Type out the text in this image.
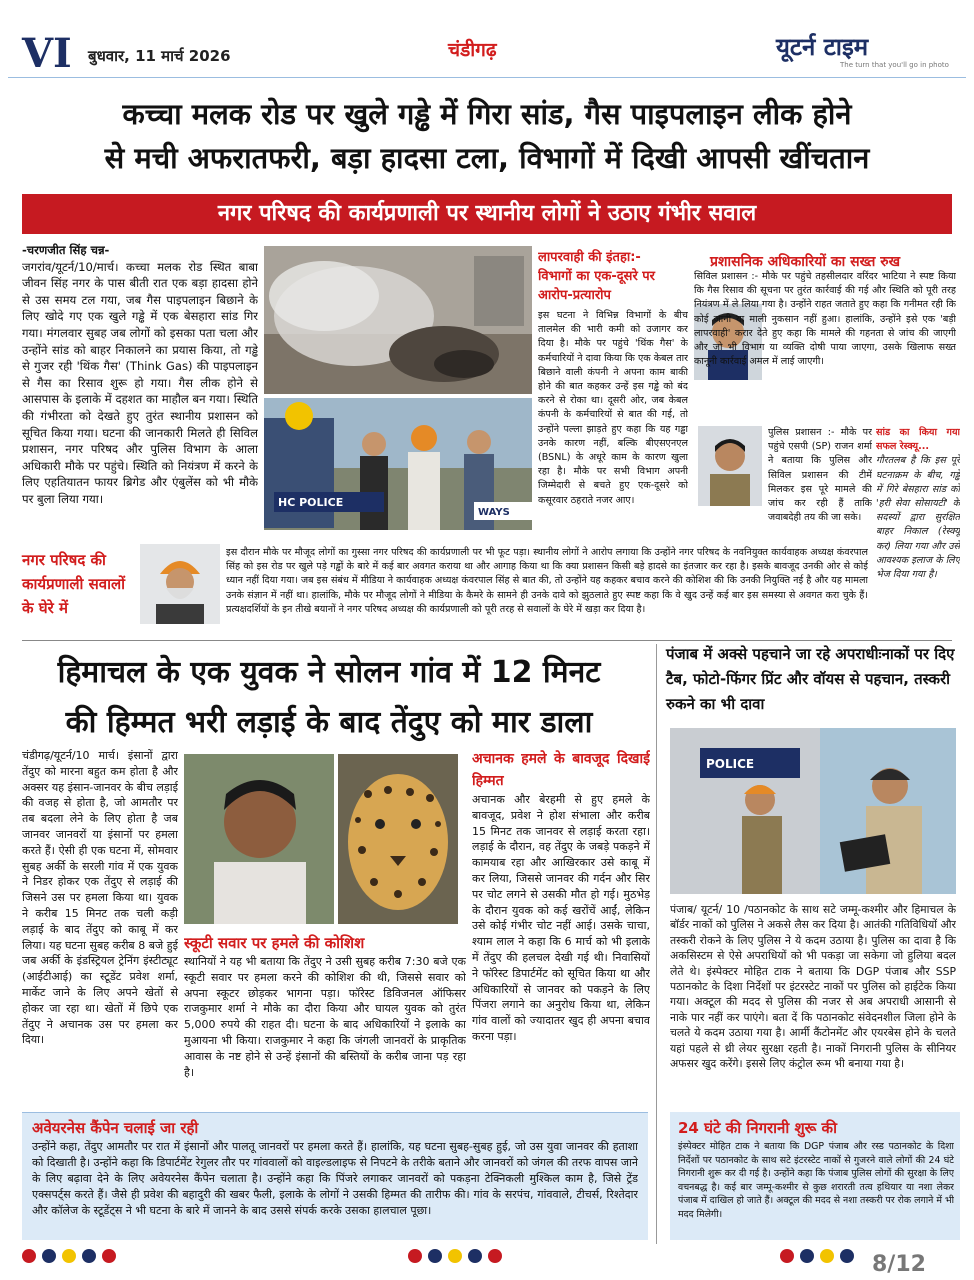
VI बुधवार, 11 मार्च 2026	चंडीगढ़	यूटर्न टाइम
The turn that you'll go in photo
कच्चा मलक रोड पर खुले गड्ढे में गिरा सांड, गैस पाइपलाइन लीक होने
से मची अफरातफरी, बड़ा हादसा टला, विभागों में दिखी आपसी खींचतान
नगर परिषद की कार्यप्रणाली पर स्थानीय लोगों ने उठाए गंभीर सवाल

-चरणजीत सिंह चन्न-

जगरांव/यूटर्न/10/मार्च। कच्चा मलक रोड स्थित बाबा जीवन सिंह नगर के पास बीती रात एक बड़ा हादसा होने से उस समय टल गया, जब गैस पाइपलाइन बिछाने के लिए खोदे गए एक खुले गड्ढे में एक बेसहारा सांड गिर गया। मंगलवार सुबह जब लोगों को इसका पता चला और उन्होंने सांड को बाहर निकालने का प्रयास किया, तो गड्ढे से गुजर रही 'थिंक गैस' (Think Gas) की पाइपलाइन से गैस का रिसाव शुरू हो गया। गैस लीक होने से आसपास के इलाके में दहशत का माहौल बन गया। स्थिति की गंभीरता को देखते हुए तुरंत स्थानीय प्रशासन को सूचित किया गया। घटना की जानकारी मिलते ही सिविल प्रशासन, नगर परिषद और पुलिस विभाग के आला अधिकारी मौके पर पहुंचे। स्थिति को नियंत्रण में करने के लिए एहतियातन फायर ब्रिगेड और एंबुलेंस को भी मौके पर बुला लिया गया।	HC POLICE
WAYS

लापरवाही की इंतहा:-
विभागों का एक-दूसरे पर
आरोप-प्रत्यारोप

इस घटना ने विभिन्न विभागों के बीच तालमेल की भारी कमी को उजागर कर दिया है। मौके पर पहुंचे 'थिंक गैस' के कर्मचारियों ने दावा किया कि एक केबल तार बिछाने वाली कंपनी ने अपना काम बाकी होने की बात कहकर उन्हें इस गड्ढे को बंद करने से रोका था। दूसरी ओर, जब केबल कंपनी के कर्मचारियों से बात की गई, तो उन्होंने पल्ला झाड़ते हुए कहा कि यह गड्ढा उनके कारण नहीं, बल्कि बीएसएनएल (BSNL) के अधूरे काम के कारण खुला रहा है। मौके पर सभी विभाग अपनी जिम्मेदारी से बचते हुए एक-दूसरे को कसूरवार ठहराते नजर आए।

प्रशासनिक अधिकारियों का सख्त रुख

सिविल प्रशासन :- मौके पर पहुंचे तहसीलदार वरिंदर भाटिया ने स्पष्ट किया कि गैस रिसाव की सूचना पर तुरंत कार्रवाई की गई और स्थिति को पूरी तरह नियंत्रण में ले लिया गया है। उन्होंने राहत जताते हुए कहा कि गनीमत रही कि कोई जानी या माली नुकसान नहीं हुआ। हालांकि, उन्होंने इसे एक 'बड़ी लापरवाही' करार देते हुए कहा कि मामले की गहनता से जांच की जाएगी और जो भी विभाग या व्यक्ति दोषी पाया जाएगा, उसके खिलाफ सख्त कानूनी कार्रवाई अमल में लाई जाएगी।

पुलिस प्रशासन :- मौके पर पहुंचे एसपी (SP) राजन शर्मा ने बताया कि पुलिस और सिविल प्रशासन की टीमें मिलकर इस पूरे मामले की जांच कर रही हैं ताकि जवाबदेही तय की जा सके।

सांड का किया गया सफल रेस्क्यू...

गौरतलब है कि इस पूरे घटनाक्रम के बीच, गड्ढे में गिरे बेसहारा सांड को 'हरी सेवा सोसायटी' के सदस्यों द्वारा सुरक्षित बाहर निकाल (रेस्क्यू कर) लिया गया और उसे आवश्यक इलाज के लिए भेज दिया गया है।

नगर परिषद की कार्यप्रणाली सवालों के घेरे में

इस दौरान मौके पर मौजूद लोगों का गुस्सा नगर परिषद की कार्यप्रणाली पर भी फूट पड़ा। स्थानीय लोगों ने आरोप लगाया कि उन्होंने नगर परिषद के नवनियुक्त कार्यवाहक अध्यक्ष कंवरपाल सिंह को इस रोड पर खुले पड़े गड्ढों के बारे में कई बार अवगत कराया था और आगाह किया था कि क्या प्रशासन किसी बड़े हादसे का इंतजार कर रहा है। इसके बावजूद उनकी ओर से कोई ध्यान नहीं दिया गया। जब इस संबंध में मीडिया ने कार्यवाहक अध्यक्ष कंवरपाल सिंह से बात की, तो उन्होंने यह कहकर बचाव करने की कोशिश की कि उनकी नियुक्ति नई है और यह मामला उनके संज्ञान में नहीं था। हालांकि, मौके पर मौजूद लोगों ने मीडिया के कैमरे के सामने ही उनके दावे को झुठलाते हुए स्पष्ट कहा कि वे खुद उन्हें कई बार इस समस्या से अवगत करा चुके हैं। प्रत्यक्षदर्शियों के इन तीखे बयानों ने नगर परिषद अध्यक्ष की कार्यप्रणाली को पूरी तरह से सवालों के घेरे में खड़ा कर दिया है।

हिमाचल के एक युवक ने सोलन गांव में 12 मिनट
की हिम्मत भरी लड़ाई के बाद तेंदुए को मार डाला

चंडीगढ़/यूटर्न/10 मार्च। इंसानों द्वारा तेंदुए को मारना बहुत कम होता है और अक्सर यह इंसान-जानवर के बीच लड़ाई की वजह से होता है, जो आमतौर पर तब बदला लेने के लिए होता है जब जानवर जानवरों या इंसानों पर हमला करते हैं। ऐसी ही एक घटना में, सोमवार सुबह अर्की के सरली गांव में एक युवक ने निडर होकर एक तेंदुए से लड़ाई की जिसने उस पर हमला किया था। युवक ने करीब 15 मिनट तक चली कड़ी लड़ाई के बाद तेंदुए को काबू में कर लिया। यह घटना सुबह करीब 8 बजे हुई जब अर्की के इंडस्ट्रियल ट्रेनिंग इंस्टीट्यूट (आईटीआई) का स्टूडेंट प्रवेश शर्मा, मार्केट जाने के लिए अपने खेतों से होकर जा रहा था। खेतों में छिपे एक तेंदुए ने अचानक उस पर हमला कर दिया।

स्कूटी सवार पर हमले की कोशिश

स्थानियों ने यह भी बताया कि तेंदुए ने उसी सुबह करीब 7:30 बजे एक स्कूटी सवार पर हमला करने की कोशिश की थी, जिससे सवार को अपना स्कूटर छोड़कर भागना पड़ा। फॉरेस्ट डिविजनल ऑफिसर राजकुमार शर्मा ने मौके का दौरा किया और घायल युवक को तुरंत 5,000 रुपये की राहत दी। घटना के बाद अधिकारियों ने इलाके का मुआयना भी किया। राजकुमार ने कहा कि जंगली जानवरों के प्राकृतिक आवास के नष्ट होने से उन्हें इंसानों की बस्तियों के करीब जाना पड़ रहा है।

अचानक हमले के बावजूद दिखाई हिम्मत

अचानक और बेरहमी से हुए हमले के बावजूद, प्रवेश ने होश संभाला और करीब 15 मिनट तक जानवर से लड़ाई करता रहा। लड़ाई के दौरान, वह तेंदुए के जबड़े पकड़ने में कामयाब रहा और आखिरकार उसे काबू में कर लिया, जिससे जानवर की गर्दन और सिर पर चोट लगने से उसकी मौत हो गई। मुठभेड़ के दौरान युवक को कई खरोंचें आईं, लेकिन उसे कोई गंभीर चोट नहीं आई। उसके चाचा, श्याम लाल ने कहा कि 6 मार्च को भी इलाके में तेंदुए की हलचल देखी गई थी। निवासियों ने फॉरेस्ट डिपार्टमेंट को सूचित किया था और अधिकारियों से जानवर को पकड़ने के लिए पिंजरा लगाने का अनुरोध किया था, लेकिन गांव वालों को ज्यादातर खुद ही अपना बचाव करना पड़ा।

अवेयरनेस कैंपेन चलाई जा रही

उन्होंने कहा, तेंदुए आमतौर पर रात में इंसानों और पालतू जानवरों पर हमला करते हैं। हालांकि, यह घटना सुबह-सुबह हुई, जो उस युवा जानवर की हताशा को दिखाती है। उन्होंने कहा कि डिपार्टमेंट रेगुलर तौर पर गांववालों को वाइल्डलाइफ से निपटने के तरीके बताने और जानवरों को जंगल की तरफ वापस जाने के लिए बढ़ावा देने के लिए अवेयरनेस कैंपेन चलाता है। उन्होंने कहा कि पिंजरे लगाकर जानवरों को पकड़ना टेक्निकली मुश्किल काम है, जिसे ट्रेंड एक्सपर्ट्स करते हैं। जैसे ही प्रवेश की बहादुरी की खबर फैली, इलाके के लोगों ने उसकी हिम्मत की तारीफ की। गांव के सरपंच, गांववाले, टीचर्स, रिश्तेदार और कॉलेज के स्टूडेंट्स ने भी घटना के बारे में जानने के बाद उससे संपर्क करके उसका हालचाल पूछा।

पंजाब में अक्से पहचाने जा रहे अपराधीःनाकों पर दिए टैब, फोटो-फिंगर प्रिंट और वॉयस से पहचान, तस्करी रुकने का भी दावा
POLICE

पंजाब/ यूटर्न/ 10 /पठानकोट के साथ सटे जम्मू-कश्मीर और हिमाचल के बॉर्डर नाकों को पुलिस ने अकसे लैस कर दिया है। आतंकी गतिविधियों और तस्करी रोकने के लिए पुलिस ने ये कदम उठाया है। पुलिस का दावा है कि अकसिस्टम से ऐसे अपराधियों को भी पकड़ा जा सकेगा जो हुलिया बदल लेते थे। इंस्पेक्टर मोहित टाक ने बताया कि DGP पंजाब और SSP पठानकोट के दिशा निर्देशों पर इंटरस्टेट नाकों पर पुलिस को हाईटेक किया गया। अक्टूल की मदद से पुलिस की नजर से अब अपराधी आसानी से नाके पार नहीं कर पाएंगे। बता दें कि पठानकोट संवेदनशील जिला होने के चलते ये कदम उठाया गया है। आर्मी कैंटोनमेंट और एयरबेस होने के चलते यहां पहले से थ्री लेयर सुरक्षा रहती है। नाकों निगरानी पुलिस के सीनियर अफसर खुद करेंगे। इससे लिए कंट्रोल रूम भी बनाया गया है।

24 घंटे की निगरानी शुरू की

इंस्पेक्टर मोहित टाक ने बताया कि DGP पंजाब और रस्ड पठानकोट के दिशा निर्देशों पर पठानकोट के साथ सटे इंटरस्टेट नाकों से गुजरने वाले लोगों की 24 घंटे निगरानी शुरू कर दी गई है। उन्होंने कहा कि पंजाब पुलिस लोगों की सुरक्षा के लिए वचनबद्ध है। कई बार जम्मू-कश्मीर से कुछ शरारती तत्व हथियार या नशा लेकर पंजाब में दाखिल हो जाते हैं। अक्टूल की मदद से नशा तस्करी पर रोक लगाने में भी मदद मिलेगी।

8/12
